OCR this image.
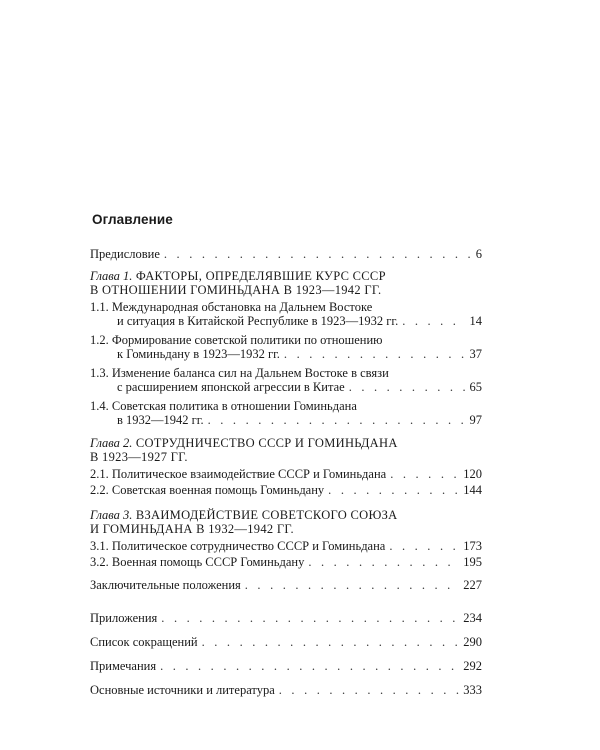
Оглавление
Предисловие . . .	6
Глава 1. ФАКТОРЫ, ОПРЕДЕЛЯВШИЕ КУРС СССР
В ОТНОШЕНИИ ГОМИНЬДАНА В 1923—1942 ГГ.
1.1. Международная обстановка на Дальнем Востоке
и ситуация в Китайской Республике в 1923—1932 гг. . . .	14
1.2. Формирование советской политики по отношению
к Гоминьдану в 1923—1932 гг. . . .	37
1.3. Изменение баланса сил на Дальнем Востоке в связи
с расширением японской агрессии в Китае . . .	65
1.4. Советская политика в отношении Гоминьдана
в 1932—1942 гг. . . .	97
Глава 2. СОТРУДНИЧЕСТВО СССР И ГОМИНЬДАНА
В 1923—1927 ГГ.
2.1. Политическое взаимодействие СССР и Гоминьдана . . .	120
2.2. Советская военная помощь Гоминьдану . . .	144
Глава 3. ВЗАИМОДЕЙСТВИЕ СОВЕТСКОГО СОЮЗА
И ГОМИНЬДАНА В 1932—1942 ГГ.
3.1. Политическое сотрудничество СССР и Гоминьдана . . .	173
3.2. Военная помощь СССР Гоминьдану . . .	195
Заключительные положения . . .	227
Приложения . . .	234
Список сокращений . . .	290
Примечания . . .	292
Основные источники и литература . . .	333
